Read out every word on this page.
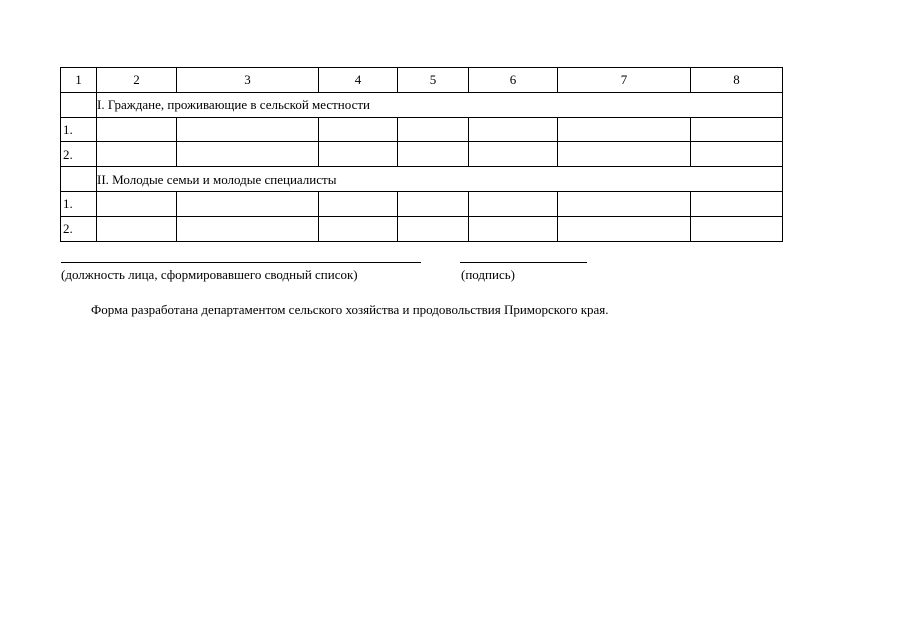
1	2	3	4	5	6	7	8
	I. Граждане, проживающие в сельской местности						
1.							
2.							
	II. Молодые семьи и молодые специалисты						
1.							
2.							
(должность лица, сформировавшего сводный список)	(подпись)
Форма разработана департаментом сельского хозяйства и продовольствия Приморского края.
